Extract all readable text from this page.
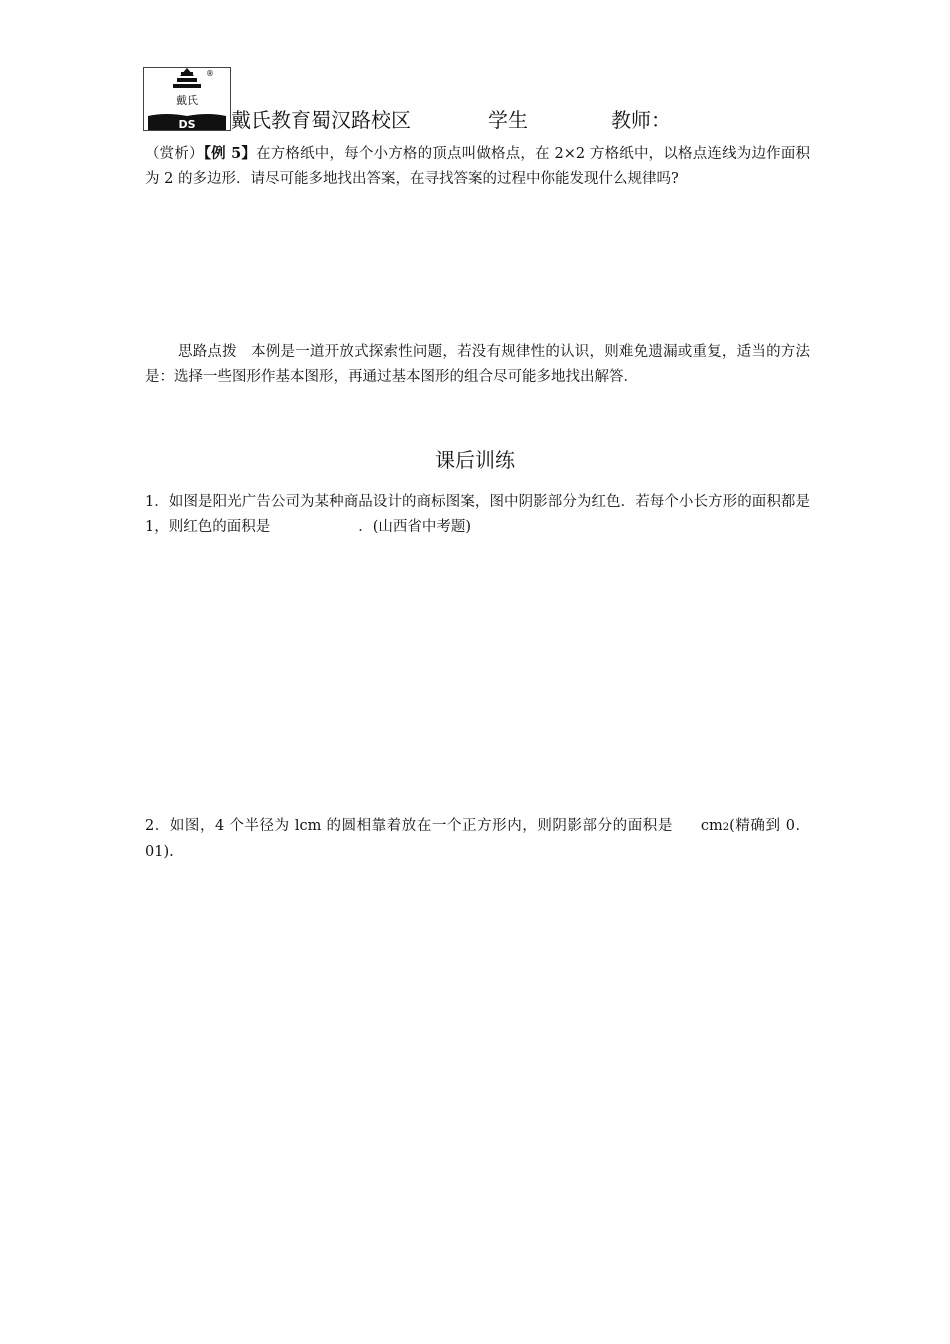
戴氏
DS
®
戴氏教育蜀汉路校区	学生	教师：
（赏析）【例 5】在方格纸中，每个小方格的顶点叫做格点，在 2×2 方格纸中，以格点连线为边作面积为 2 的多边形．请尽可能多地找出答案，在寻找答案的过程中你能发现什么规律吗?
思路点拨 本例是一道开放式探索性问题，若没有规律性的认识，则难免遗漏或重复，适当的方法是：选择一些图形作基本图形，再通过基本图形的组合尽可能多地找出解答．
课后训练
1．如图是阳光广告公司为某种商品设计的商标图案，图中阴影部分为红色．若每个小长方形的面积都是 1，则红色的面积是	．(山西省中考题)
2．如图，4 个半径为 lcm 的圆相靠着放在一个正方形内，则阴影部分的面积是 cm2(精确到 0．01).
